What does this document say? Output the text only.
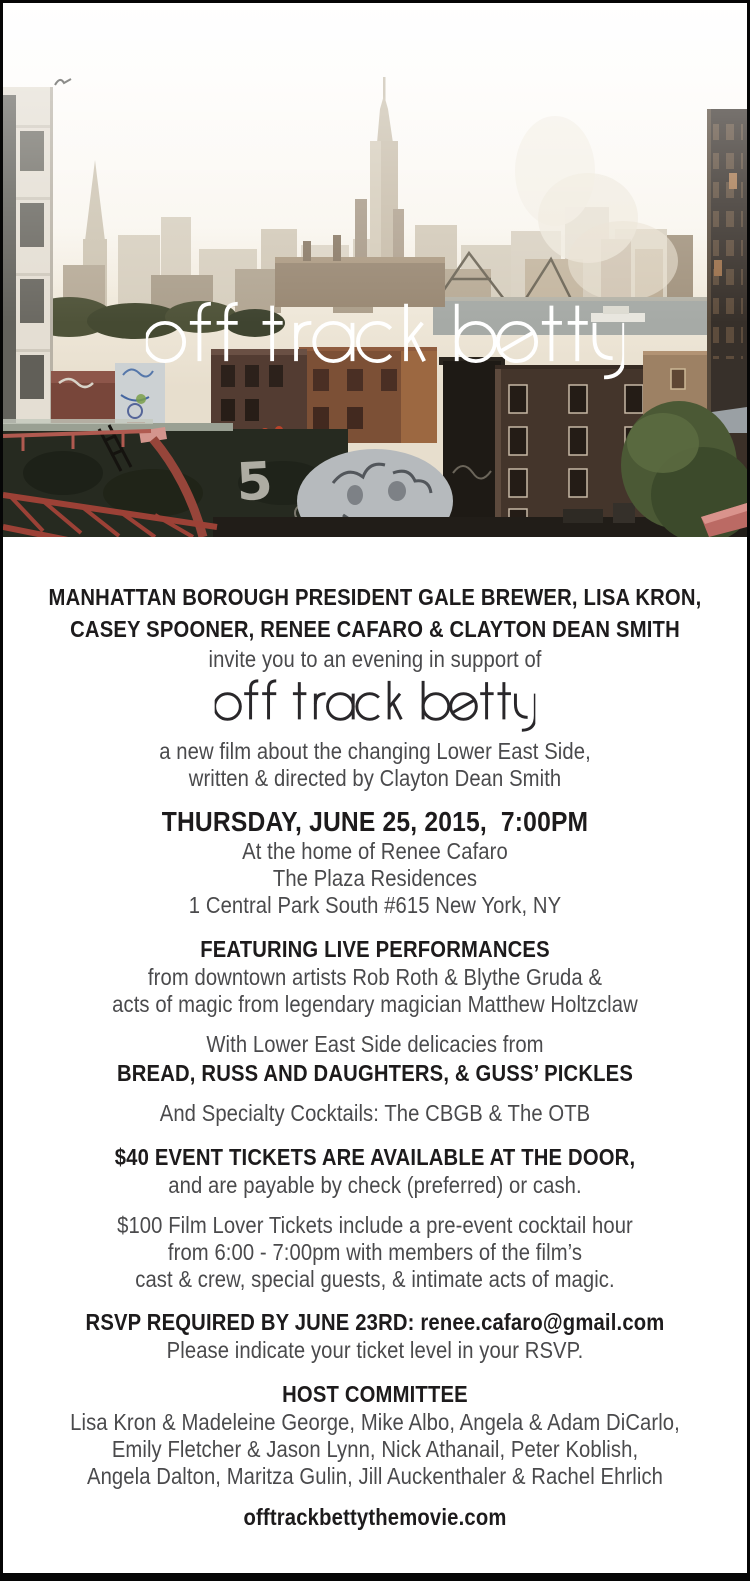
MANHATTAN BOROUGH PRESIDENT GALE BREWER, LISA KRON,

CASEY SPOONER, RENEE CAFARO & CLAYTON DEAN SMITH

invite you to an evening in support of

a new film about the changing Lower East Side,

written & directed by Clayton Dean Smith

THURSDAY, JUNE 25, 2015,  7:00PM

At the home of Renee Cafaro

The Plaza Residences

1 Central Park South #615 New York, NY

FEATURING LIVE PERFORMANCES

from downtown artists Rob Roth & Blythe Gruda &

acts of magic from legendary magician Matthew Holtzclaw

With Lower East Side delicacies from

BREAD, RUSS AND DAUGHTERS, & GUSS’ PICKLES

And Specialty Cocktails: The CBGB & The OTB

$40 EVENT TICKETS ARE AVAILABLE AT THE DOOR,

and are payable by check (preferred) or cash.

$100 Film Lover Tickets include a pre-event cocktail hour

from 6:00 - 7:00pm with members of the film’s

cast & crew, special guests, & intimate acts of magic.

RSVP REQUIRED BY JUNE 23RD: renee.cafaro@gmail.com

Please indicate your ticket level in your RSVP.

HOST COMMITTEE

Lisa Kron & Madeleine George, Mike Albo, Angela & Adam DiCarlo,

Emily Fletcher & Jason Lynn, Nick Athanail, Peter Koblish,

Angela Dalton, Maritza Gulin, Jill Auckenthaler & Rachel Ehrlich

offtrackbettythemovie.com
